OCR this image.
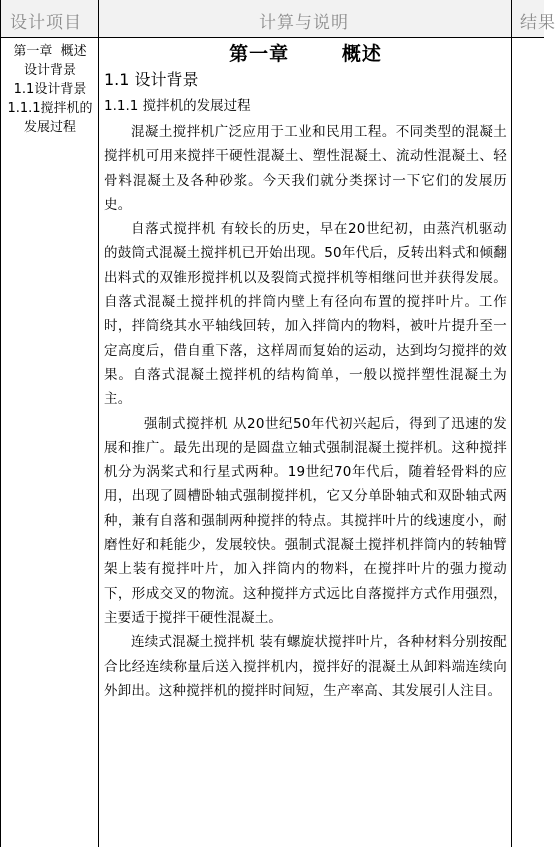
设计项目	计算与说明	结果
第一章  概述
设计背景
1.1设计背景
1.1.1搅拌机的发展过程
第一章   概述
1.1 设计背景
1.1.1 搅拌机的发展过程

混凝土搅拌机广泛应用于工业和民用工程。不同类型的混凝土搅拌机可用来搅拌干硬性混凝土、塑性混凝土、流动性混凝土、轻骨料混凝土及各种砂浆。今天我们就分类探讨一下它们的发展历史。

自落式搅拌机 有较长的历史，早在20世纪初，由蒸汽机驱动的鼓筒式混凝土搅拌机已开始出现。50年代后，反转出料式和倾翻出料式的双锥形搅拌机以及裂筒式搅拌机等相继问世并获得发展。自落式混凝土搅拌机的拌筒内壁上有径向布置的搅拌叶片。工作时，拌筒绕其水平轴线回转，加入拌筒内的物料，被叶片提升至一定高度后，借自重下落，这样周而复始的运动，达到均匀搅拌的效果。自落式混凝土搅拌机的结构简单，一般以搅拌塑性混凝土为主。

强制式搅拌机 从20世纪50年代初兴起后，得到了迅速的发展和推广。最先出现的是圆盘立轴式强制混凝土搅拌机。这种搅拌机分为涡桨式和行星式两种。19世纪70年代后，随着轻骨料的应用，出现了圆槽卧轴式强制搅拌机，它又分单卧轴式和双卧轴式两种，兼有自落和强制两种搅拌的特点。其搅拌叶片的线速度小，耐磨性好和耗能少，发展较快。强制式混凝土搅拌机拌筒内的转轴臂架上装有搅拌叶片，加入拌筒内的物料，在搅拌叶片的强力搅动下，形成交叉的物流。这种搅拌方式远比自落搅拌方式作用强烈，主要适于搅拌干硬性混凝土。

连续式混凝土搅拌机 装有螺旋状搅拌叶片，各种材料分别按配合比经连续称量后送入搅拌机内，搅拌好的混凝土从卸料端连续向外卸出。这种搅拌机的搅拌时间短，生产率高、其发展引人注目。
